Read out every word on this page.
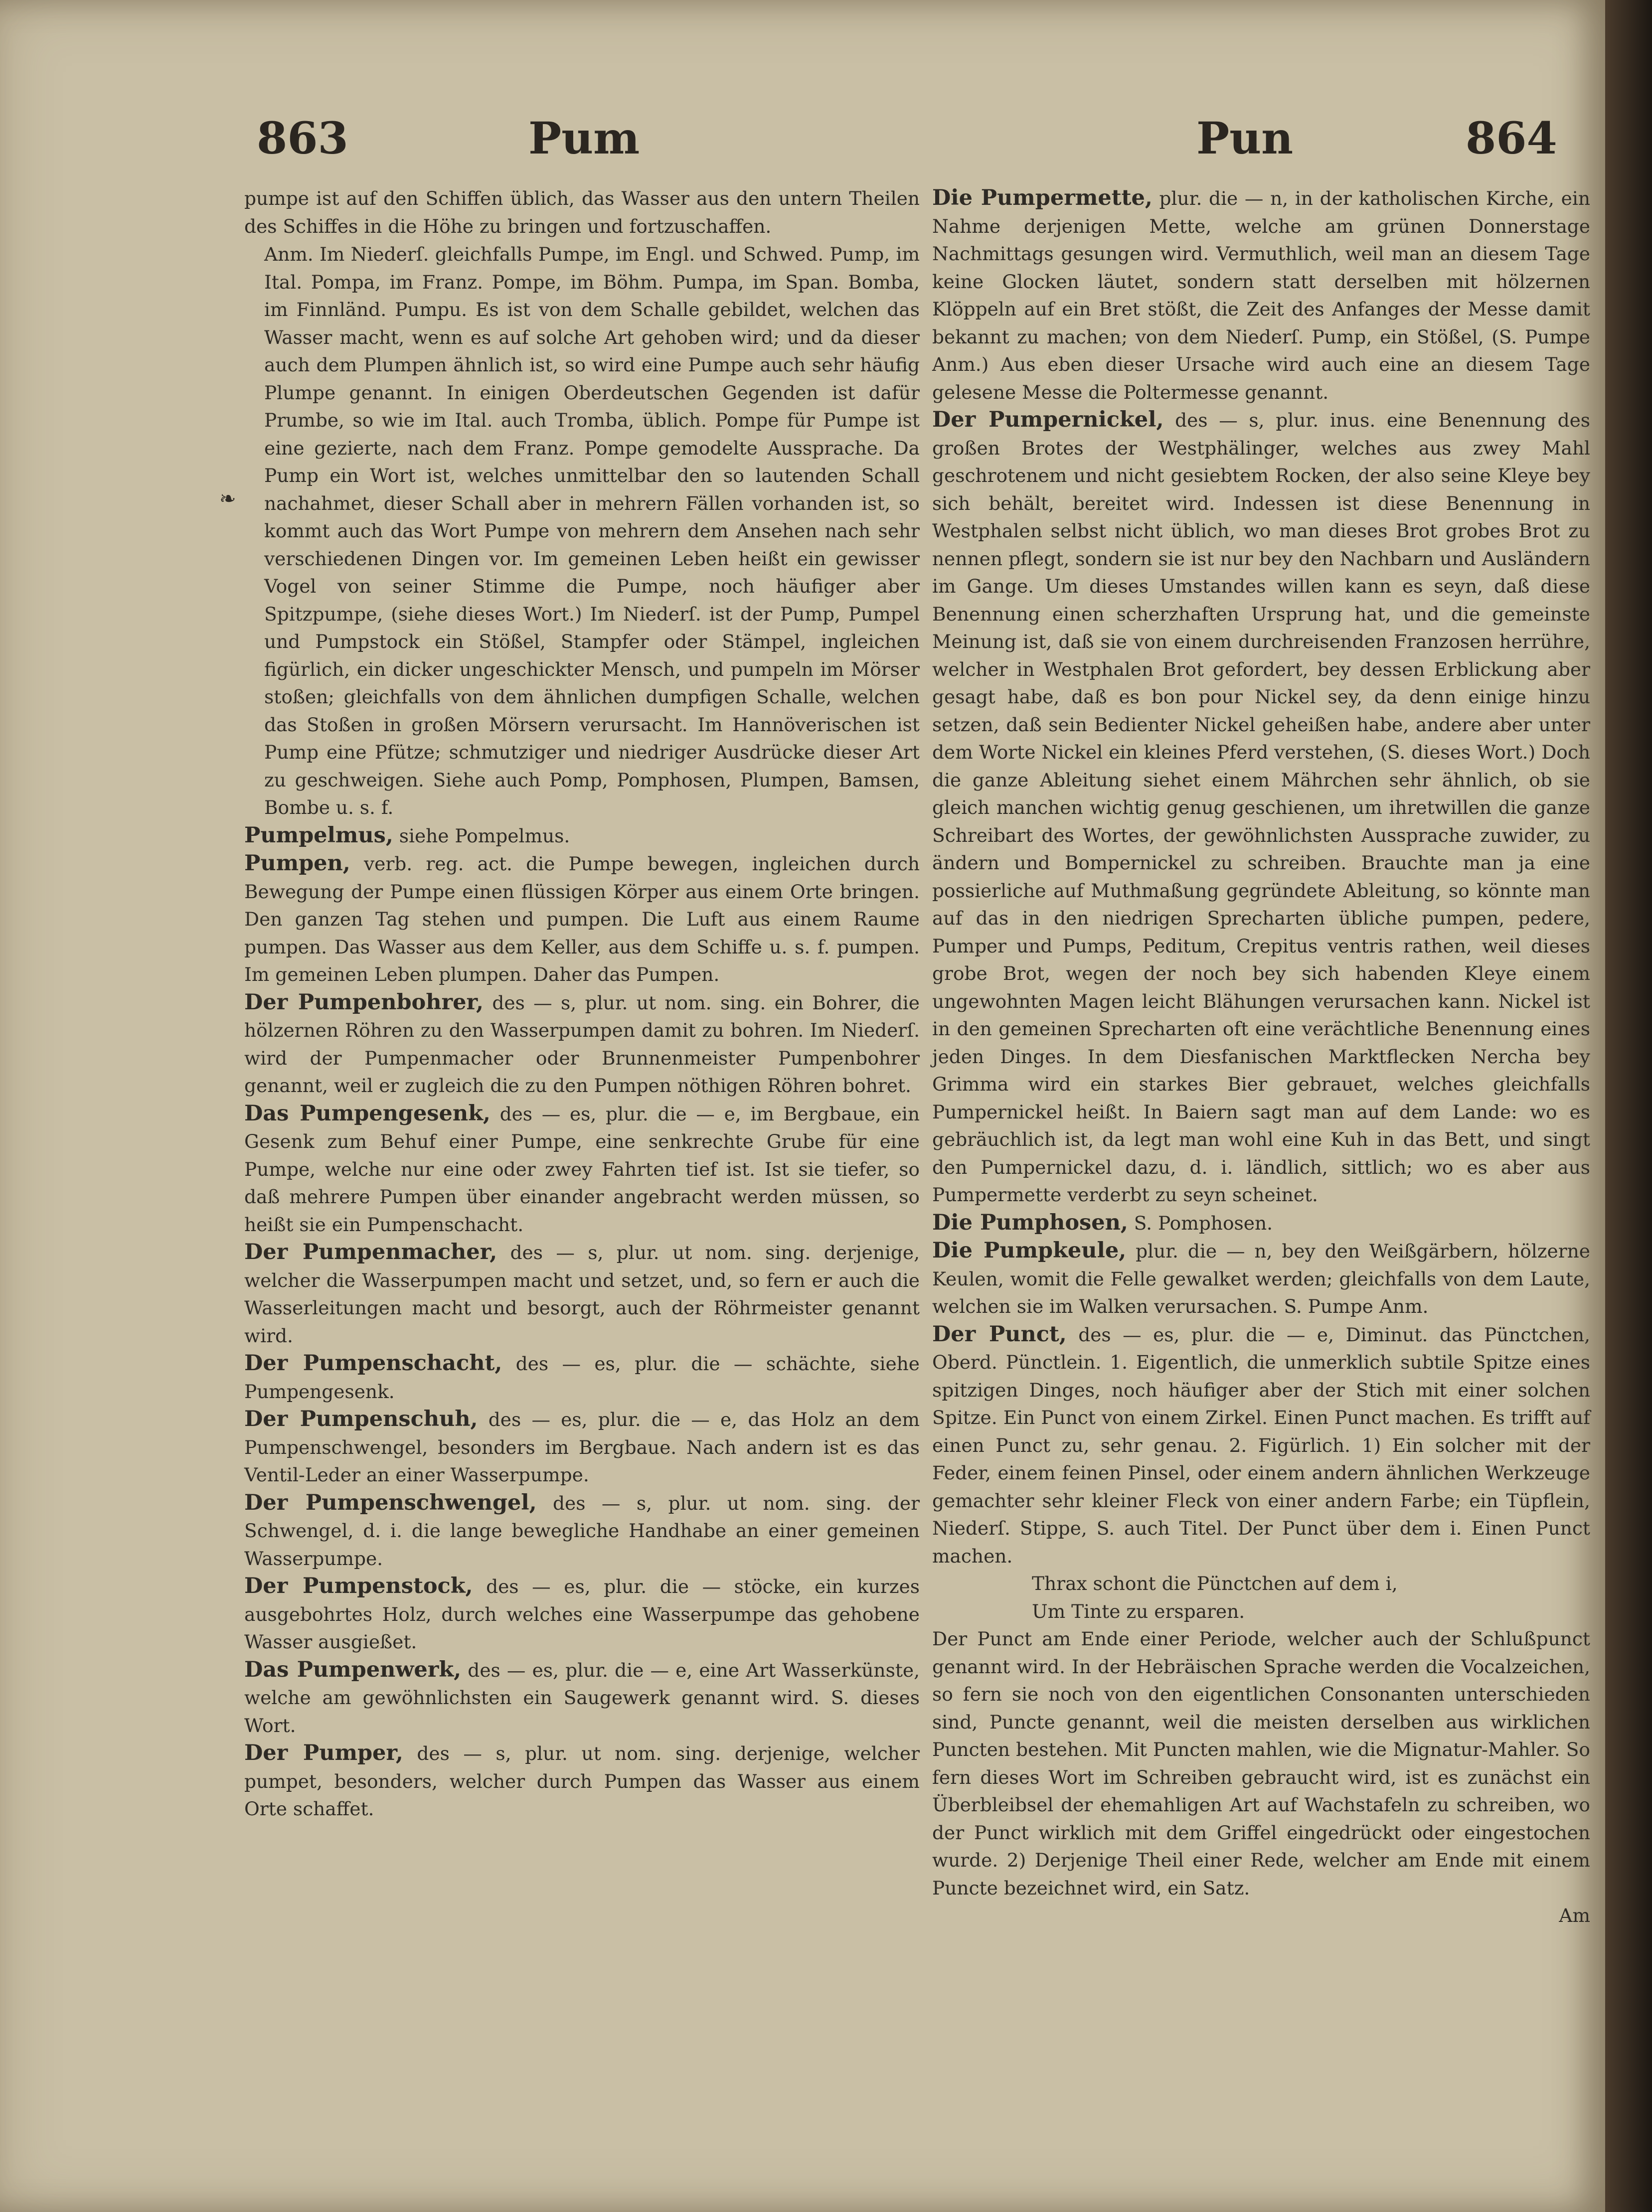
863	Pum	Pun	864
❧
pumpe ist auf den Schiffen üblich, das Wasser aus den untern Theilen des Schiffes in die Höhe zu bringen und fortzuschaffen.
Anm. Im Niederſ. gleichfalls Pumpe, im Engl. und Schwed. Pump, im Ital. Pompa, im Franz. Pompe, im Böhm. Pumpa, im Span. Bomba, im Finnländ. Pumpu. Es ist von dem Schalle gebildet, welchen das Wasser macht, wenn es auf solche Art gehoben wird; und da dieser auch dem Plumpen ähnlich ist, so wird eine Pumpe auch sehr häufig Plumpe genannt. In einigen Oberdeutschen Gegenden ist dafür Prumbe, so wie im Ital. auch Tromba, üblich. Pompe für Pumpe ist eine gezierte, nach dem Franz. Pompe gemodelte Aussprache. Da Pump ein Wort ist, welches unmittelbar den so lautenden Schall nachahmet, dieser Schall aber in mehrern Fällen vorhanden ist, so kommt auch das Wort Pumpe von mehrern dem Ansehen nach sehr verschiedenen Dingen vor. Im gemeinen Leben heißt ein gewisser Vogel von seiner Stimme die Pumpe, noch häufiger aber Spitzpumpe, (siehe dieses Wort.) Im Niederſ. ist der Pump, Pumpel und Pumpstock ein Stößel, Stampfer oder Stämpel, ingleichen figürlich, ein dicker ungeschickter Mensch, und pumpeln im Mörser stoßen; gleichfalls von dem ähnlichen dumpfigen Schalle, welchen das Stoßen in großen Mörsern verursacht. Im Hannöverischen ist Pump eine Pfütze; schmutziger und niedriger Ausdrücke dieser Art zu geschweigen. Siehe auch Pomp, Pomphosen, Plumpen, Bamsen, Bombe u. s. f.
Pumpelmus, siehe Pompelmus.
Pumpen, verb. reg. act. die Pumpe bewegen, ingleichen durch Bewegung der Pumpe einen flüssigen Körper aus einem Orte bringen. Den ganzen Tag stehen und pumpen. Die Luft aus einem Raume pumpen. Das Wasser aus dem Keller, aus dem Schiffe u. s. f. pumpen. Im gemeinen Leben plumpen. Daher das Pumpen.
Der Pumpenbohrer, des — s, plur. ut nom. sing. ein Bohrer, die hölzernen Röhren zu den Wasserpumpen damit zu bohren. Im Niederſ. wird der Pumpenmacher oder Brunnenmeister Pumpenbohrer genannt, weil er zugleich die zu den Pumpen nöthigen Röhren bohret.
Das Pumpengesenk, des — es, plur. die — e, im Bergbaue, ein Gesenk zum Behuf einer Pumpe, eine senkrechte Grube für eine Pumpe, welche nur eine oder zwey Fahrten tief ist. Ist sie tiefer, so daß mehrere Pumpen über einander angebracht werden müssen, so heißt sie ein Pumpenschacht.
Der Pumpenmacher, des — s, plur. ut nom. sing. derjenige, welcher die Wasserpumpen macht und setzet, und, so fern er auch die Wasserleitungen macht und besorgt, auch der Röhrmeister genannt wird.
Der Pumpenschacht, des — es, plur. die — schächte, siehe Pumpengesenk.
Der Pumpenschuh, des — es, plur. die — e, das Holz an dem Pumpenschwengel, besonders im Bergbaue. Nach andern ist es das Ventil-Leder an einer Wasserpumpe.
Der Pumpenschwengel, des — s, plur. ut nom. sing. der Schwengel, d. i. die lange bewegliche Handhabe an einer gemeinen Wasserpumpe.
Der Pumpenstock, des — es, plur. die — stöcke, ein kurzes ausgebohrtes Holz, durch welches eine Wasserpumpe das gehobene Wasser ausgießet.
Das Pumpenwerk, des — es, plur. die — e, eine Art Wasserkünste, welche am gewöhnlichsten ein Saugewerk genannt wird. S. dieses Wort.
Der Pumper, des — s, plur. ut nom. sing. derjenige, welcher pumpet, besonders, welcher durch Pumpen das Wasser aus einem Orte schaffet.
Die Pumpermette, plur. die — n, in der katholischen Kirche, ein Nahme derjenigen Mette, welche am grünen Donnerstage Nachmittags gesungen wird. Vermuthlich, weil man an diesem Tage keine Glocken läutet, sondern statt derselben mit hölzernen Klöppeln auf ein Bret stößt, die Zeit des Anfanges der Messe damit bekannt zu machen; von dem Niederſ. Pump, ein Stößel, (S. Pumpe Anm.) Aus eben dieser Ursache wird auch eine an diesem Tage gelesene Messe die Poltermesse genannt.
Der Pumpernickel, des — s, plur. inus. eine Benennung des großen Brotes der Westphälinger, welches aus zwey Mahl geschrotenem und nicht gesiebtem Rocken, der also seine Kleye bey sich behält, bereitet wird. Indessen ist diese Benennung in Westphalen selbst nicht üblich, wo man dieses Brot grobes Brot zu nennen pflegt, sondern sie ist nur bey den Nachbarn und Ausländern im Gange. Um dieses Umstandes willen kann es seyn, daß diese Benennung einen scherzhaften Ursprung hat, und die gemeinste Meinung ist, daß sie von einem durchreisenden Franzosen herrühre, welcher in Westphalen Brot gefordert, bey dessen Erblickung aber gesagt habe, daß es bon pour Nickel sey, da denn einige hinzu setzen, daß sein Bedienter Nickel geheißen habe, andere aber unter dem Worte Nickel ein kleines Pferd verstehen, (S. dieses Wort.) Doch die ganze Ableitung siehet einem Mährchen sehr ähnlich, ob sie gleich manchen wichtig genug geschienen, um ihretwillen die ganze Schreibart des Wortes, der gewöhnlichsten Aussprache zuwider, zu ändern und Bompernickel zu schreiben. Brauchte man ja eine possierliche auf Muthmaßung gegründete Ableitung, so könnte man auf das in den niedrigen Sprecharten übliche pumpen, pedere, Pumper und Pumps, Peditum, Crepitus ventris rathen, weil dieses grobe Brot, wegen der noch bey sich habenden Kleye einem ungewohnten Magen leicht Blähungen verursachen kann. Nickel ist in den gemeinen Sprecharten oft eine verächtliche Benennung eines jeden Dinges. In dem Diesfanischen Marktflecken Nercha bey Grimma wird ein starkes Bier gebrauet, welches gleichfalls Pumpernickel heißt. In Baiern sagt man auf dem Lande: wo es gebräuchlich ist, da legt man wohl eine Kuh in das Bett, und singt den Pumpernickel dazu, d. i. ländlich, sittlich; wo es aber aus Pumpermette verderbt zu seyn scheinet.
Die Pumphosen, S. Pomphosen.
Die Pumpkeule, plur. die — n, bey den Weißgärbern, hölzerne Keulen, womit die Felle gewalket werden; gleichfalls von dem Laute, welchen sie im Walken verursachen. S. Pumpe Anm.
Der Punct, des — es, plur. die — e, Diminut. das Pünctchen, Oberd. Pünctlein. 1. Eigentlich, die unmerklich subtile Spitze eines spitzigen Dinges, noch häufiger aber der Stich mit einer solchen Spitze. Ein Punct von einem Zirkel. Einen Punct machen. Es trifft auf einen Punct zu, sehr genau. 2. Figürlich. 1) Ein solcher mit der Feder, einem feinen Pinsel, oder einem andern ähnlichen Werkzeuge gemachter sehr kleiner Fleck von einer andern Farbe; ein Tüpflein, Niederſ. Stippe, S. auch Titel. Der Punct über dem i. Einen Punct machen.

Thrax schont die Pünctchen auf dem i,

Um Tinte zu ersparen.

Der Punct am Ende einer Periode, welcher auch der Schlußpunct genannt wird. In der Hebräischen Sprache werden die Vocalzeichen, so fern sie noch von den eigentlichen Consonanten unterschieden sind, Puncte genannt, weil die meisten derselben aus wirklichen Puncten bestehen. Mit Puncten mahlen, wie die Mignatur-Mahler. So fern dieses Wort im Schreiben gebraucht wird, ist es zunächst ein Überbleibsel der ehemahligen Art auf Wachstafeln zu schreiben, wo der Punct wirklich mit dem Griffel eingedrückt oder eingestochen wurde. 2) Derjenige Theil einer Rede, welcher am Ende mit einem Puncte bezeichnet wird, ein Satz.
Am
